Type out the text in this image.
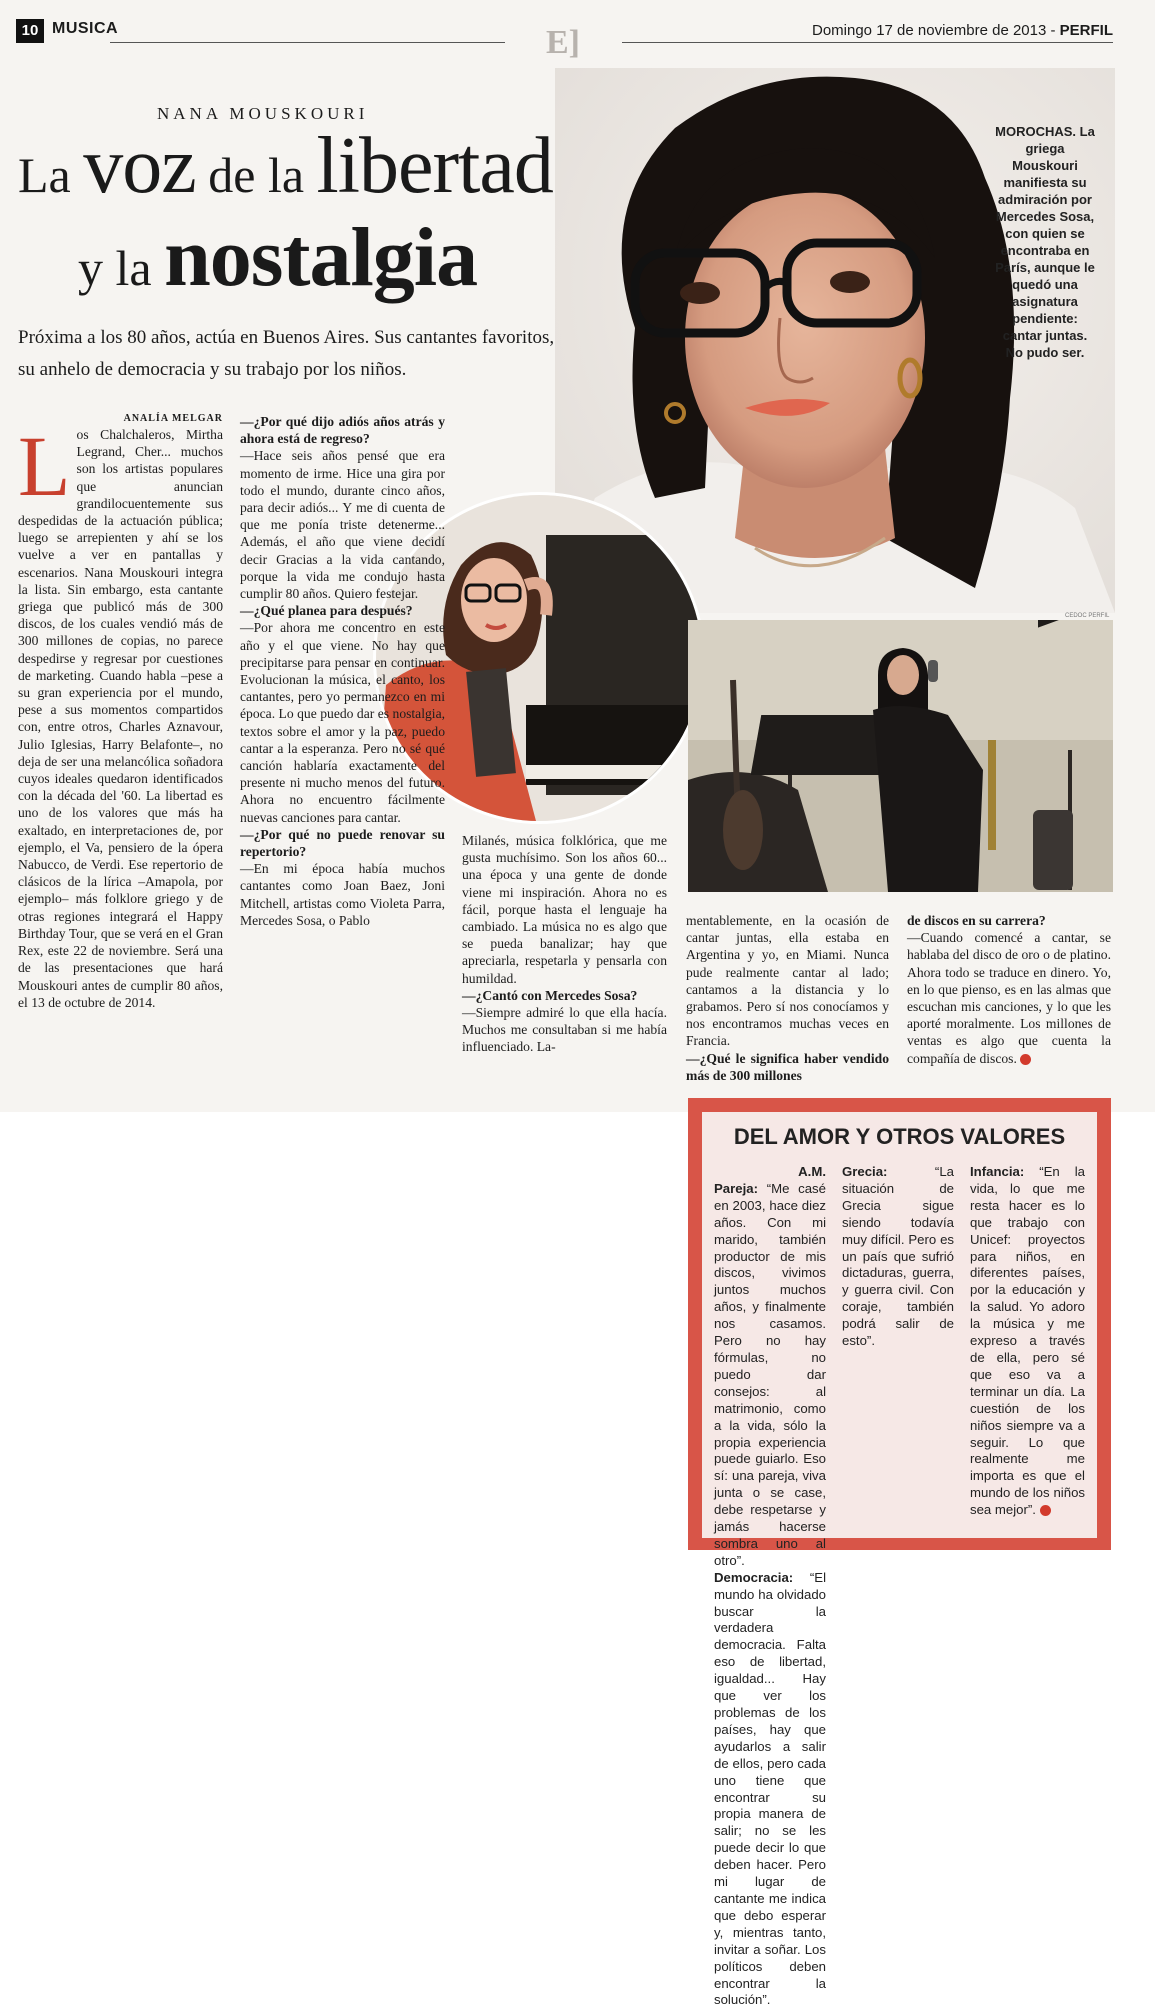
10 MUSICA	E]	Domingo 17 de noviembre de 2013 - PERFIL
CEDOC PERFIL
MOROCHAS. La griega Mouskouri manifiesta su admiración por Mercedes Sosa, con quien se encontraba en París, aunque le quedó una asignatura pendiente: cantar juntas. No pudo ser.
NANA MOUSKOURI
La voz de la libertad
y la nostalgia
Próxima a los 80 años, actúa en Buenos Aires. Sus cantantes favoritos, su anhelo de democracia y su trabajo por los niños.
ANALÍA MELGAR
L os Chalchaleros, Mirtha Legrand, Cher... muchos son los artistas populares que anuncian grandilocuentemente sus despedidas de la actuación pública; luego se arrepienten y ahí se los vuelve a ver en pantallas y escenarios. Nana Mouskouri integra la lista. Sin embargo, esta cantante griega que publicó más de 300 discos, de los cuales vendió más de 300 millones de copias, no parece despedirse y regresar por cuestiones de marketing. Cuando habla –pese a su gran experiencia por el mundo, pese a sus momentos compartidos con, entre otros, Charles Aznavour, Julio Iglesias, Harry Belafonte–, no deja de ser una melancólica soñadora cuyos ideales quedaron identificados con la década del '60. La libertad es uno de los valores que más ha exaltado, en interpretaciones de, por ejemplo, el Va, pensiero de la ópera Nabucco, de Verdi. Ese repertorio de clásicos de la lírica –Amapola, por ejemplo– más folklore griego y de otras regiones integrará el Happy Birthday Tour, que se verá en el Gran Rex, este 22 de noviembre. Será una de las presentaciones que hará Mouskouri antes de cumplir 80 años, el 13 de octubre de 2014.

—¿Por qué dijo adiós años atrás y ahora está de regreso?

—Hace seis años pensé que era momento de irme. Hice una gira por todo el mundo, durante cinco años, para decir adiós... Y me di cuenta de que me ponía triste detenerme... Además, el año que viene decidí decir Gracias a la vida cantando, porque la vida me condujo hasta cumplir 80 años. Quiero festejar.

—¿Qué planea para después?

—Por ahora me concentro en este año y el que viene. No hay que precipitarse para pensar en continuar. Evolucionan la música, el canto, los cantantes, pero yo permanezco en mi época. Lo que puedo dar es nostalgia, textos sobre el amor y la paz, puedo cantar a la esperanza. Pero no sé qué canción hablaría exactamente del presente ni mucho menos del futuro. Ahora no encuentro fácilmente nuevas canciones para cantar.

—¿Por qué no puede renovar su repertorio?

—En mi época había muchos cantantes como Joan Baez, Joni Mitchell, artistas como Violeta Parra, Mercedes Sosa, o Pablo

Milanés, música folklórica, que me gusta muchísimo. Son los años 60... una época y una gente de donde viene mi inspiración. Ahora no es fácil, porque hasta el lenguaje ha cambiado. La música no es algo que se pueda banalizar; hay que apreciarla, respetarla y pensarla con humildad.

—¿Cantó con Mercedes Sosa?

—Siempre admiré lo que ella hacía. Muchos me consultaban si me había influenciado. La-

mentablemente, en la ocasión de cantar juntas, ella estaba en Argentina y yo, en Miami. Nunca pude realmente cantar al lado; cantamos a la distancia y lo grabamos. Pero sí nos conocíamos y nos encontramos muchas veces en Francia.

—¿Qué le significa haber vendido más de 300 millones

de discos en su carrera?

—Cuando comencé a cantar, se hablaba del disco de oro o de platino. Ahora todo se traduce en dinero. Yo, en lo que pienso, es en las almas que escuchan mis canciones, y lo que les aporté moralmente. Los millones de ventas es algo que cuenta la compañía de discos.

DEL AMOR Y OTROS VALORES

A.M.

Pareja: “Me casé en 2003, hace diez años. Con mi marido, también productor de mis discos, vivimos juntos muchos años, y finalmente nos casamos. Pero no hay fórmulas, no puedo dar consejos: al matrimonio, como a la vida, sólo la propia experiencia puede guiarlo. Eso sí: una pareja, viva junta o se case, debe respetarse y jamás hacerse sombra uno al otro”.

Democracia: “El mundo ha olvidado buscar la verdadera democracia. Falta eso de libertad, igualdad... Hay que ver los problemas de los países, hay que ayudarlos a salir de ellos, pero cada uno tiene que encontrar su propia manera de salir; no se les puede decir lo que deben hacer. Pero mi lugar de cantante me indica que debo esperar y, mientras tanto, invitar a soñar. Los políticos deben encontrar la solución”.

Grecia: “La situación de Grecia sigue siendo todavía muy difícil. Pero es un país que sufrió dictaduras, guerra, y guerra civil. Con coraje, también podrá salir de esto”.

Infancia: “En la vida, lo que me resta hacer es lo que trabajo con Unicef: proyectos para niños, en diferentes países, por la educación y la salud. Yo adoro la música y me expreso a través de ella, pero sé que eso va a terminar un día. La cuestión de los niños siempre va a seguir. Lo que realmente me importa es que el mundo de los niños sea mejor”.
